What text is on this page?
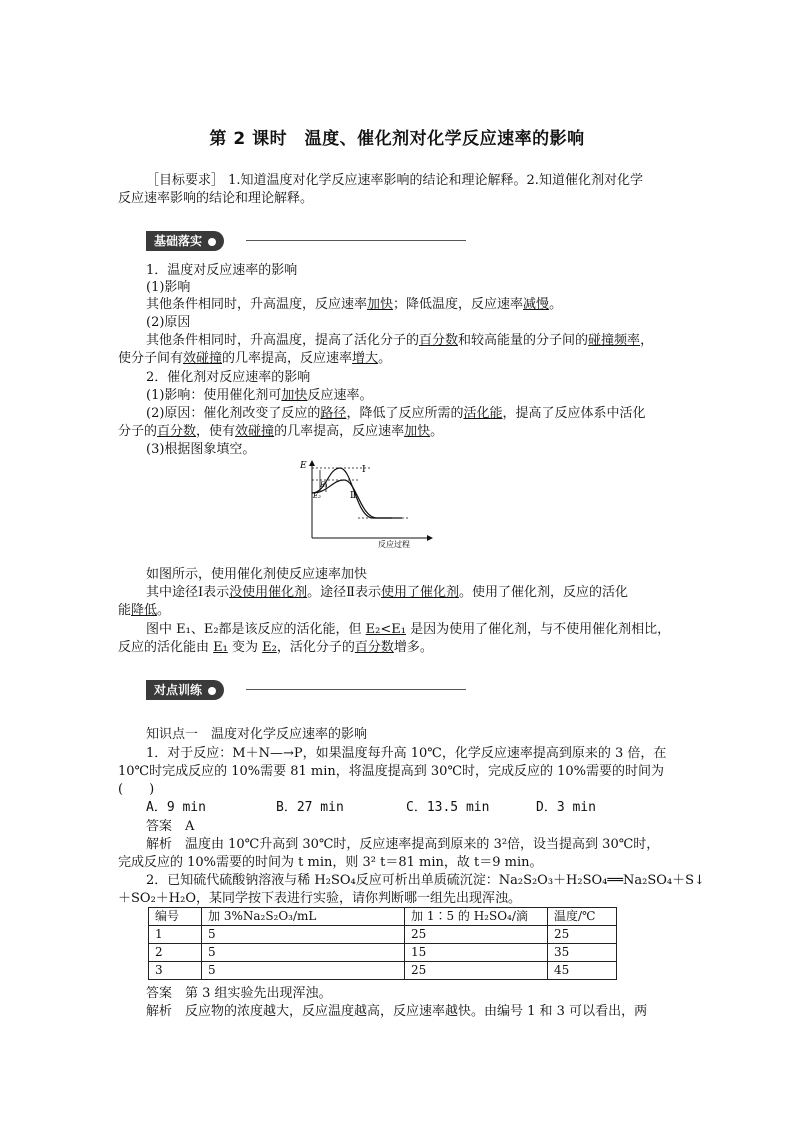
第 2 课时　温度、催化剂对化学反应速率的影响
［目标要求］ 1.知道温度对化学反应速率影响的结论和理论解释。2.知道催化剂对化学
反应速率影响的结论和理论解释。
基础落实
1．温度对反应速率的影响
(1)影响
其他条件相同时，升高温度，反应速率加快；降低温度，反应速率减慢。
(2)原因
其他条件相同时，升高温度，提高了活化分子的百分数和较高能量的分子间的碰撞频率，
使分子间有效碰撞的几率提高，反应速率增大。
2．催化剂对反应速率的影响
(1)影响：使用催化剂可加快反应速率。
(2)原因：催化剂改变了反应的路径，降低了反应所需的活化能，提高了反应体系中活化
分子的百分数，使有效碰撞的几率提高，反应速率加快。
(3)根据图象填空。
E
E₁
E₂
Ⅰ
Ⅱ
反应过程
如图所示，使用催化剂使反应速率加快
其中途径Ⅰ表示没使用催化剂。途径Ⅱ表示使用了催化剂。使用了催化剂，反应的活化
能降低。
图中 E₁、E₂都是该反应的活化能，但 E₂<E₁ 是因为使用了催化剂，与不使用催化剂相比，
反应的活化能由 E₁ 变为 E₂，活化分子的百分数增多。
对点训练
知识点一　温度对化学反应速率的影响
1．对于反应：M＋N—→P，如果温度每升高 10℃，化学反应速率提高到原来的 3 倍，在
10℃时完成反应的 10%需要 81 min，将温度提高到 30℃时，完成反应的 10%需要的时间为
(　　)
A．9 min	B．27 min	C．13.5 min	D．3 min
答案　A
解析　温度由 10℃升高到 30℃时，反应速率提高到原来的 3²倍，设当提高到 30℃时，
完成反应的 10%需要的时间为 t min，则 3² t＝81 min，故 t＝9 min。
2．已知硫代硫酸钠溶液与稀 H₂SO₄反应可析出单质硫沉淀：Na₂S₂O₃＋H₂SO₄══Na₂SO₄＋S↓
＋SO₂＋H₂O，某同学按下表进行实验，请你判断哪一组先出现浑浊。
编号	加 3%Na₂S₂O₃/mL	加 1∶5 的 H₂SO₄/滴	温度/℃
1	5	25	25
2	5	15	35
3	5	25	45
答案　第 3 组实验先出现浑浊。
解析　反应物的浓度越大，反应温度越高，反应速率越快。由编号 1 和 3 可以看出，两
